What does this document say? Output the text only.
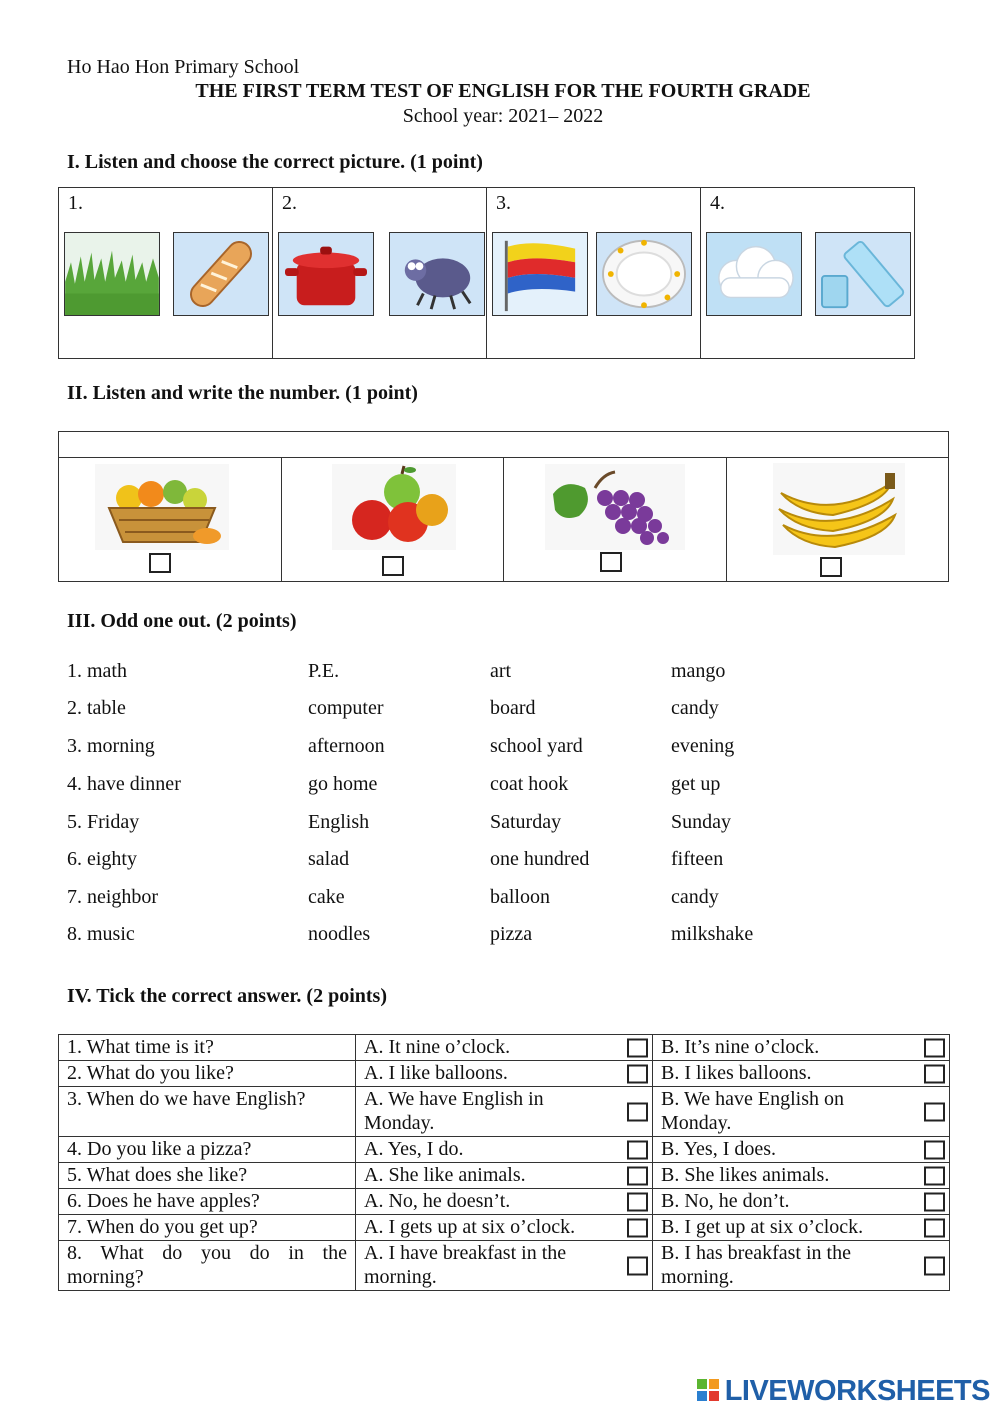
Ho Hao Hon Primary School
THE FIRST TERM TEST OF ENGLISH FOR THE FOURTH GRADE
School year: 2021– 2022
I. Listen and choose the correct picture. (1 point)
1.	2.	3.	4.
II. Listen and write the number. (1 point)
III. Odd one out. (2 points)
1. math	P.E.	art	mango
2. table	computer	board	candy
3. morning	afternoon	school yard	evening
4. have dinner	go home	coat hook	get up
5. Friday	English	Saturday	Sunday
6. eighty	salad	one hundred	fifteen
7. neighbor	cake	balloon	candy
8. music	noodles	pizza	milkshake
IV. Tick the correct answer. (2 points)
1. What time is it?	A. It nine o’clock.	B. It’s nine o’clock.

2. What do you like?	A. I like balloons.	B. I likes balloons.

3. When do we have English?	A. We have English in Monday.	B. We have English on Monday.

4. Do you like a pizza?	A. Yes, I do.	B. Yes, I does.

5. What does she like?	A. She like animals.	B. She likes animals.

6. Does he have apples?	A. No, he doesn’t.	B. No, he don’t.

7. When do you get up?	A. I gets up at six o’clock.	B. I get up at six o’clock.

8. What do you do in the morning?	A. I have breakfast in the morning.	B. I has breakfast in the morning.
LIVEWORKSHEETS
